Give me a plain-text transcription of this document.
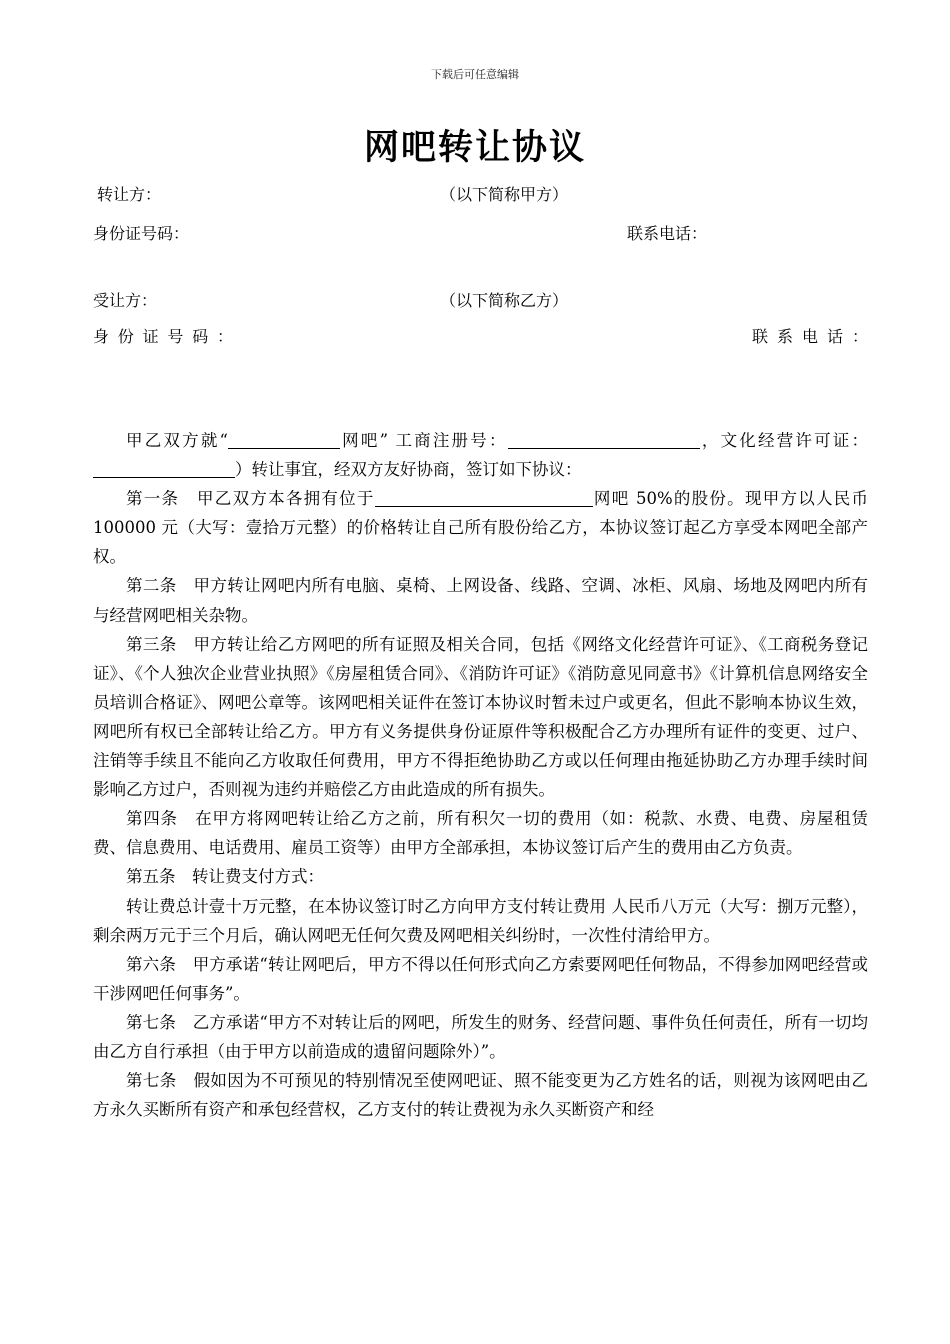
下载后可任意编辑
网吧转让协议
转让方：	（以下简称甲方）
身份证号码：	联系电话：
受让方：	（以下简称乙方）
身 份 证 号 码 ：	联 系 电 话 ：

甲乙双方就“	网吧” 工商注册号：	，文化经营许可证：）转让事宜，经双方友好协商，签订如下协议：

第一条　甲乙双方本各拥有位于	网吧 50%的股份。现甲方以人民币 100000 元（大写：壹拾万元整）的价格转让自己所有股份给乙方，本协议签订起乙方享受本网吧全部产权。

第二条　甲方转让网吧内所有电脑、桌椅、上网设备、线路、空调、冰柜、风扇、场地及网吧内所有与经营网吧相关杂物。

第三条　甲方转让给乙方网吧的所有证照及相关合同，包括《网络文化经营许可证》、《工商税务登记证》、《个人独次企业营业执照》《房屋租赁合同》、《消防许可证》《消防意见同意书》《计算机信息网络安全员培训合格证》、网吧公章等。该网吧相关证件在签订本协议时暂未过户或更名，但此不影响本协议生效，网吧所有权已全部转让给乙方。甲方有义务提供身份证原件等积极配合乙方办理所有证件的变更、过户、注销等手续且不能向乙方收取任何费用，甲方不得拒绝协助乙方或以任何理由拖延协助乙方办理手续时间影响乙方过户，否则视为违约并赔偿乙方由此造成的所有损失。

第四条　在甲方将网吧转让给乙方之前，所有积欠一切的费用（如：税款、水费、电费、房屋租赁费、信息费用、电话费用、雇员工资等）由甲方全部承担，本协议签订后产生的费用由乙方负责。

第五条　转让费支付方式：

转让费总计壹十万元整，在本协议签订时乙方向甲方支付转让费用 人民币八万元（大写：捌万元整），剩余两万元于三个月后，确认网吧无任何欠费及网吧相关纠纷时，一次性付清给甲方。

第六条　甲方承诺“转让网吧后，甲方不得以任何形式向乙方索要网吧任何物品，不得参加网吧经营或干涉网吧任何事务”。

第七条　乙方承诺“甲方不对转让后的网吧，所发生的财务、经营问题、事件负任何责任，所有一切均由乙方自行承担（由于甲方以前造成的遗留问题除外）”。

第七条　假如因为不可预见的特别情况至使网吧证、照不能变更为乙方姓名的话，则视为该网吧由乙方永久买断所有资产和承包经营权，乙方支付的转让费视为永久买断资产和经
